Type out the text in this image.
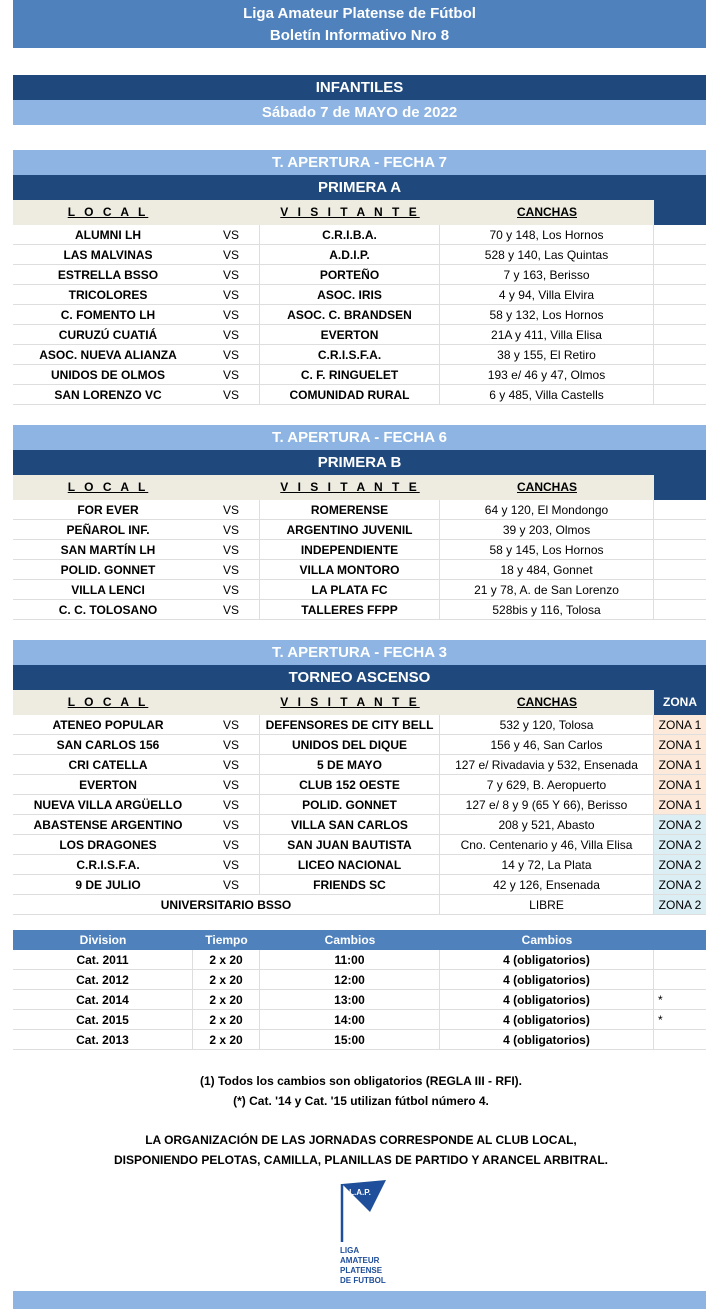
Liga Amateur Platense de Fútbol
Boletín Informativo Nro 8
INFANTILES
Sábado 7 de MAYO de 2022
T. APERTURA - FECHA 7
PRIMERA A
L O C A L	V I S I T A N T E	CANCHAS
ALUMNI LH	VS	C.R.I.B.A.	70 y 148, Los Hornos
LAS MALVINAS	VS	A.D.I.P.	528 y 140, Las Quintas
ESTRELLA BSSO	VS	PORTEÑO	7 y 163, Berisso
TRICOLORES	VS	ASOC. IRIS	4 y 94, Villa Elvira
C. FOMENTO LH	VS	ASOC. C. BRANDSEN	58 y 132, Los Hornos
CURUZÚ CUATIÁ	VS	EVERTON	21A y 411, Villa Elisa
ASOC. NUEVA ALIANZA	VS	C.R.I.S.F.A.	38 y 155, El Retiro
UNIDOS DE OLMOS	VS	C. F. RINGUELET	193 e/ 46 y 47, Olmos
SAN LORENZO VC	VS	COMUNIDAD RURAL	6 y 485, Villa Castells
T. APERTURA - FECHA 6
PRIMERA B
L O C A L	V I S I T A N T E	CANCHAS
FOR EVER	VS	ROMERENSE	64 y 120, El Mondongo
PEÑAROL INF.	VS	ARGENTINO JUVENIL	39 y 203, Olmos
SAN MARTÍN LH	VS	INDEPENDIENTE	58 y 145, Los Hornos
POLID. GONNET	VS	VILLA MONTORO	18 y 484, Gonnet
VILLA LENCI	VS	LA PLATA FC	21 y 78, A. de San Lorenzo
C. C. TOLOSANO	VS	TALLERES FFPP	528bis y 116, Tolosa
T. APERTURA - FECHA 3
TORNEO ASCENSO
L O C A L	V I S I T A N T E	CANCHAS	ZONA
ATENEO POPULAR	VS	DEFENSORES DE CITY BELL	532 y 120, Tolosa	ZONA 1
SAN CARLOS 156	VS	UNIDOS DEL DIQUE	156 y 46, San Carlos	ZONA 1
CRI CATELLA	VS	5 DE MAYO	127 e/ Rivadavia y 532, Ensenada	ZONA 1
EVERTON	VS	CLUB 152 OESTE	7 y 629, B. Aeropuerto	ZONA 1
NUEVA VILLA ARGÜELLO	VS	POLID. GONNET	127 e/ 8 y 9 (65 Y 66), Berisso	ZONA 1
ABASTENSE ARGENTINO	VS	VILLA SAN CARLOS	208 y 521, Abasto	ZONA 2
LOS DRAGONES	VS	SAN JUAN BAUTISTA	Cno. Centenario y 46, Villa Elisa	ZONA 2
C.R.I.S.F.A.	VS	LICEO NACIONAL	14 y 72, La Plata	ZONA 2
9 DE JULIO	VS	FRIENDS SC	42 y 126, Ensenada	ZONA 2
UNIVERSITARIO BSSO	LIBRE	ZONA 2
Division	Tiempo	Cambios	Cambios
Cat. 2011	2 x 20	11:00	4 (obligatorios)
Cat. 2012	2 x 20	12:00	4 (obligatorios)
Cat. 2014	2 x 20	13:00	4 (obligatorios)	*
Cat. 2015	2 x 20	14:00	4 (obligatorios)	*
Cat. 2013	2 x 20	15:00	4 (obligatorios)
(1) Todos los cambios son obligatorios (REGLA III - RFI).
(*) Cat. '14 y Cat. '15 utilizan fútbol número 4.
LA ORGANIZACIÓN DE LAS JORNADAS CORRESPONDE AL CLUB LOCAL,
DISPONIENDO PELOTAS, CAMILLA, PLANILLAS DE PARTIDO Y ARANCEL ARBITRAL.
L.A.P.
LIGA
AMATEUR
PLATENSE
DE FUTBOL
